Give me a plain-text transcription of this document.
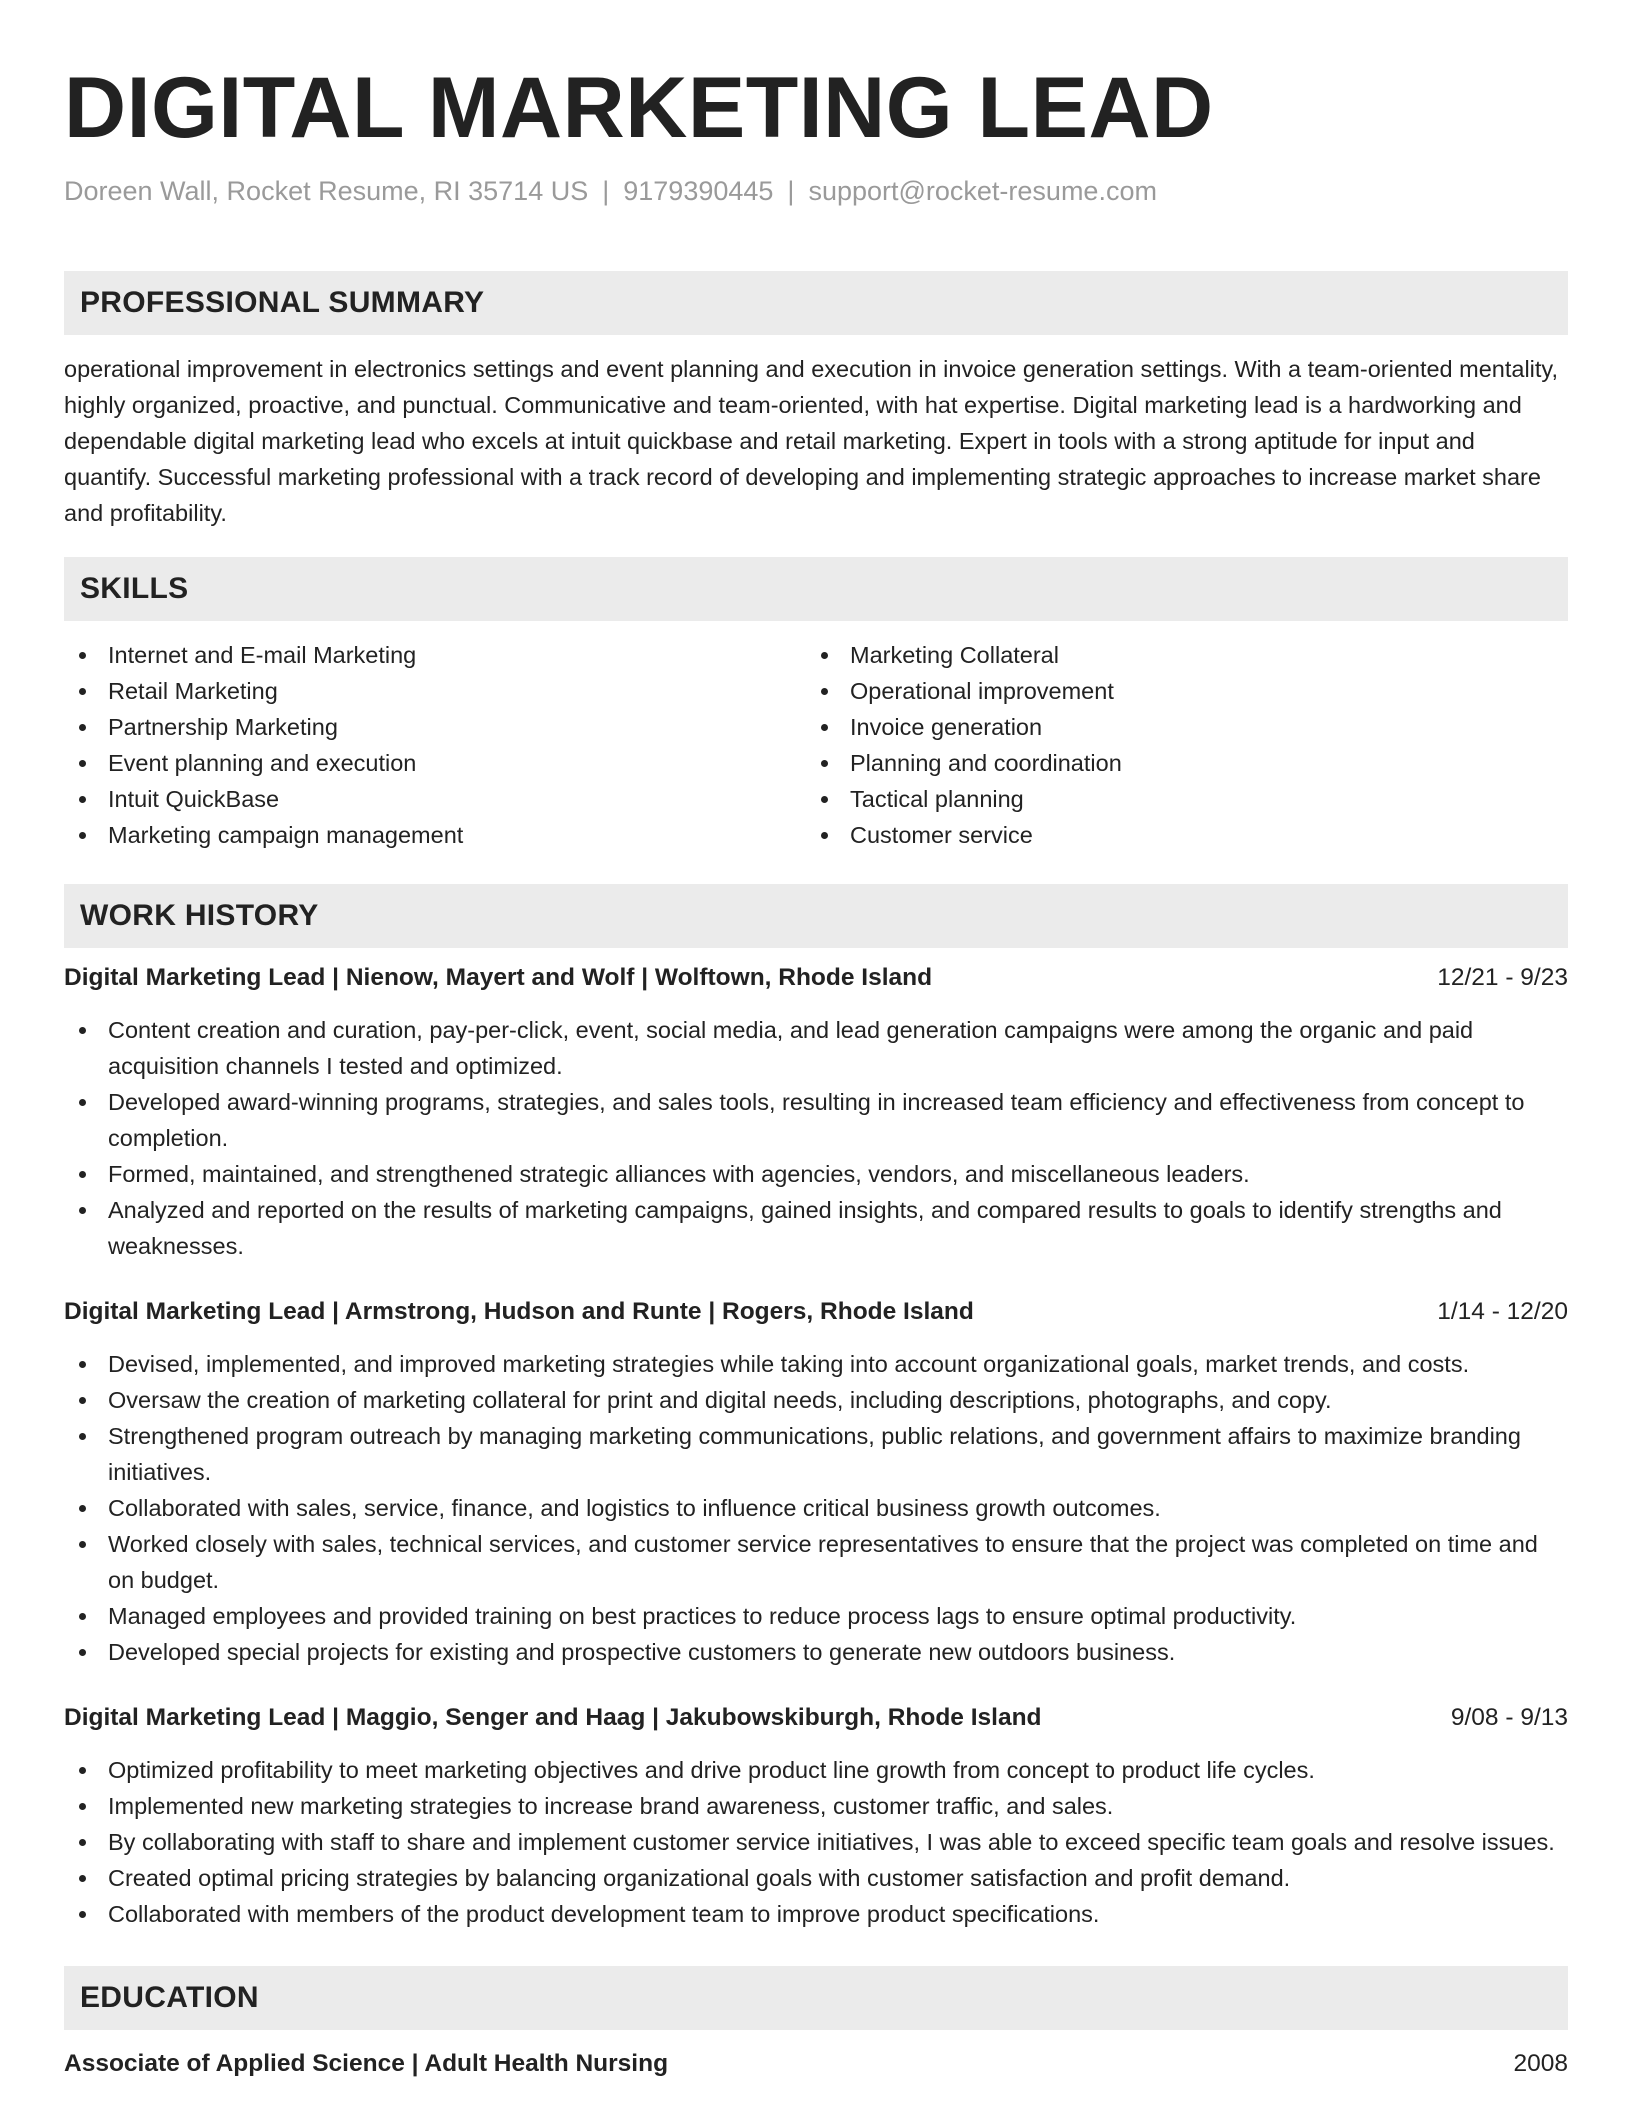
DIGITAL MARKETING LEAD
Doreen Wall, Rocket Resume, RI 35714 US | 9179390445 | support@rocket-resume.com
PROFESSIONAL SUMMARY

operational improvement in electronics settings and event planning and execution in invoice generation settings. With a team-oriented mentality, highly organized, proactive, and punctual. Communicative and team-oriented, with hat expertise. Digital marketing lead is a hardworking and dependable digital marketing lead who excels at intuit quickbase and retail marketing. Expert in tools with a strong aptitude for input and quantify. Successful marketing professional with a track record of developing and implementing strategic approaches to increase market share and profitability.

SKILLS
Internet and E-mail Marketing
Retail Marketing
Partnership Marketing
Event planning and execution
Intuit QuickBase
Marketing campaign management
Marketing Collateral
Operational improvement
Invoice generation
Planning and coordination
Tactical planning
Customer service
WORK HISTORY
Digital Marketing Lead | Nienow, Mayert and Wolf | Wolftown, Rhode Island	12/21 - 9/23
Content creation and curation, pay-per-click, event, social media, and lead generation campaigns were among the organic and paid acquisition channels I tested and optimized.
Developed award-winning programs, strategies, and sales tools, resulting in increased team efficiency and effectiveness from concept to completion.
Formed, maintained, and strengthened strategic alliances with agencies, vendors, and miscellaneous leaders.
Analyzed and reported on the results of marketing campaigns, gained insights, and compared results to goals to identify strengths and weaknesses.
Digital Marketing Lead | Armstrong, Hudson and Runte | Rogers, Rhode Island	1/14 - 12/20
Devised, implemented, and improved marketing strategies while taking into account organizational goals, market trends, and costs.
Oversaw the creation of marketing collateral for print and digital needs, including descriptions, photographs, and copy.
Strengthened program outreach by managing marketing communications, public relations, and government affairs to maximize branding initiatives.
Collaborated with sales, service, finance, and logistics to influence critical business growth outcomes.
Worked closely with sales, technical services, and customer service representatives to ensure that the project was completed on time and on budget.
Managed employees and provided training on best practices to reduce process lags to ensure optimal productivity.
Developed special projects for existing and prospective customers to generate new outdoors business.
Digital Marketing Lead | Maggio, Senger and Haag | Jakubowskiburgh, Rhode Island	9/08 - 9/13
Optimized profitability to meet marketing objectives and drive product line growth from concept to product life cycles.
Implemented new marketing strategies to increase brand awareness, customer traffic, and sales.
By collaborating with staff to share and implement customer service initiatives, I was able to exceed specific team goals and resolve issues.
Created optimal pricing strategies by balancing organizational goals with customer satisfaction and profit demand.
Collaborated with members of the product development team to improve product specifications.
EDUCATION
Associate of Applied Science | Adult Health Nursing	2008
